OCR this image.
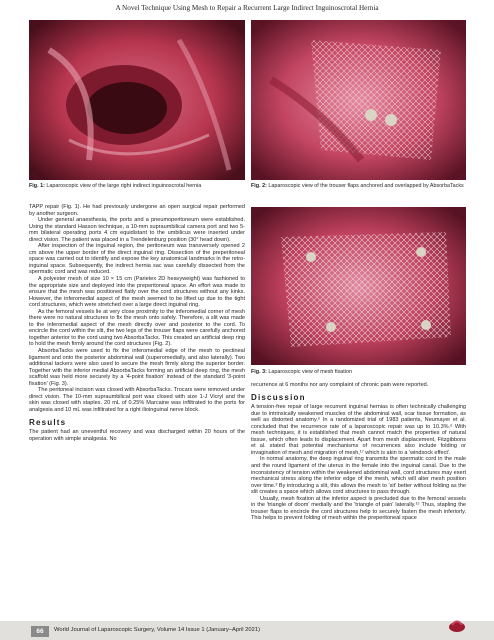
A Novel Technique Using Mesh to Repair a Recurrent Large Indirect Inguinoscrotal Hernia
Fig. 1: Laparoscopic view of the large right indirect inguinoscrotal hernia	Fig. 2: Laparoscopic view of the trouser flaps anchored and overlapped by AbsorbaTacks
Fig. 3: Laparoscopic view of mesh fixation

TAPP repair (Fig. 1). He had previously undergone an open surgical repair performed by another surgeon.

Under general anaesthesia, the ports and a pneumoperitoneum were established. Using the standard Hasson technique, a 10-mm supraumbilical camera port and two 5-mm bilateral operating ports 4 cm equidistant to the umbilicus were inserted under direct vision. The patient was placed in a Trendelenburg position (30° head down).

After inspection of the inguinal region, the peritoneum was transversely opened 2 cm above the upper border of the direct inguinal ring. Dissection of the preperitoneal space was carried out to identify and expose the key anatomical landmarks in the retro-inguinal space. Subsequently, the indirect hernia sac was carefully dissected from the spermatic cord and was reduced.

A polyester mesh of size 10 × 15 cm (Parietex 2D heavyweight) was fashioned to the appropriate size and deployed into the preperitoneal space. An effort was made to ensure that the mesh was positioned flatly over the cord structures without any kinks. However, the inferomedial aspect of the mesh seemed to be lifted up due to the tight cord structures, which were stretched over a large direct inguinal ring.

As the femoral vessels lie at very close proximity to the inferomedial corner of mesh there were no natural structures to fix the mesh onto safely. Therefore, a slit was made to the inferomedial aspect of the mesh directly over and posterior to the cord. To encircle the cord within the slit, the two legs of the trouser flaps were carefully anchored together anterior to the cord using two AbsorbaTacks. This created an artificial deep ring to hold the mesh firmly around the cord structures (Fig. 2).

AbsorbaTacks were used to fix the inferomedial edge of the mesh to pectineal ligament and onto the posterior abdominal wall (superomedially, and also laterally). Two additional tackers were also used to secure the mesh firmly along the superior border. Together with the inferior medial AbsorbaTacks forming an artificial deep ring, the mesh scaffold was held more securely by a '4-point fixation' instead of the standard '3-point fixation' (Fig. 3).

The peritoneal incision was closed with AbsorbaTacks. Trocars were removed under direct vision. The 10-mm supraumbilical port was closed with size 1-J Vicryl and the skin was closed with staples. 20 mL of 0.25% Marcaine was infiltrated to the ports for analgesia and 10 mL was infiltrated for a right ilioinguinal nerve block.

Results

The patient had an uneventful recovery and was discharged within 20 hours of the operation with simple analgesia. No

recurrence at 6 months nor any complaint of chronic pain were reported.

Discussion

A tension-free repair of large recurrent inguinal hernias is often technically challenging due to intrinsically weakened muscles of the abdominal wall, scar tissue formation, as well as distorted anatomy.⁶ In a randomized trial of 1983 patients, Neumayer et al. concluded that the recurrence rate of a laparoscopic repair was up to 10.3%.⁶ With mesh techniques, it is established that mesh cannot match the properties of natural tissue, which often leads to displacement. Apart from mesh displacement, Fitzgibbons et al. stated that potential mechanisms of recurrences also include folding or invagination of mesh and migration of mesh,¹⁷ which is akin to a 'windsock effect'.

In normal anatomy, the deep inguinal ring transmits the spermatic cord in the male and the round ligament of the uterus in the female into the inguinal canal. Due to the inconsistency of tension within the weakened abdominal wall, cord structures may exert mechanical stress along the inferior edge of the mesh, which will alter mesh position over time.³ By introducing a slit, this allows the mesh to 'sit' better without folding as the slit creates a space which allows cord structures to pass through.

Usually, mesh fixation at the inferior aspect is precluded due to the femoral vessels in the 'triangle of doom' medially and the 'triangle of pain' laterally.¹⁵ Thus, stapling the trouser flaps to encircle the cord structures help to securely fasten the mesh inferiorly. This helps to prevent folding of mesh within the preperitoneal space

66	World Journal of Laparoscopic Surgery, Volume 14 Issue 1 (January–April 2021)
